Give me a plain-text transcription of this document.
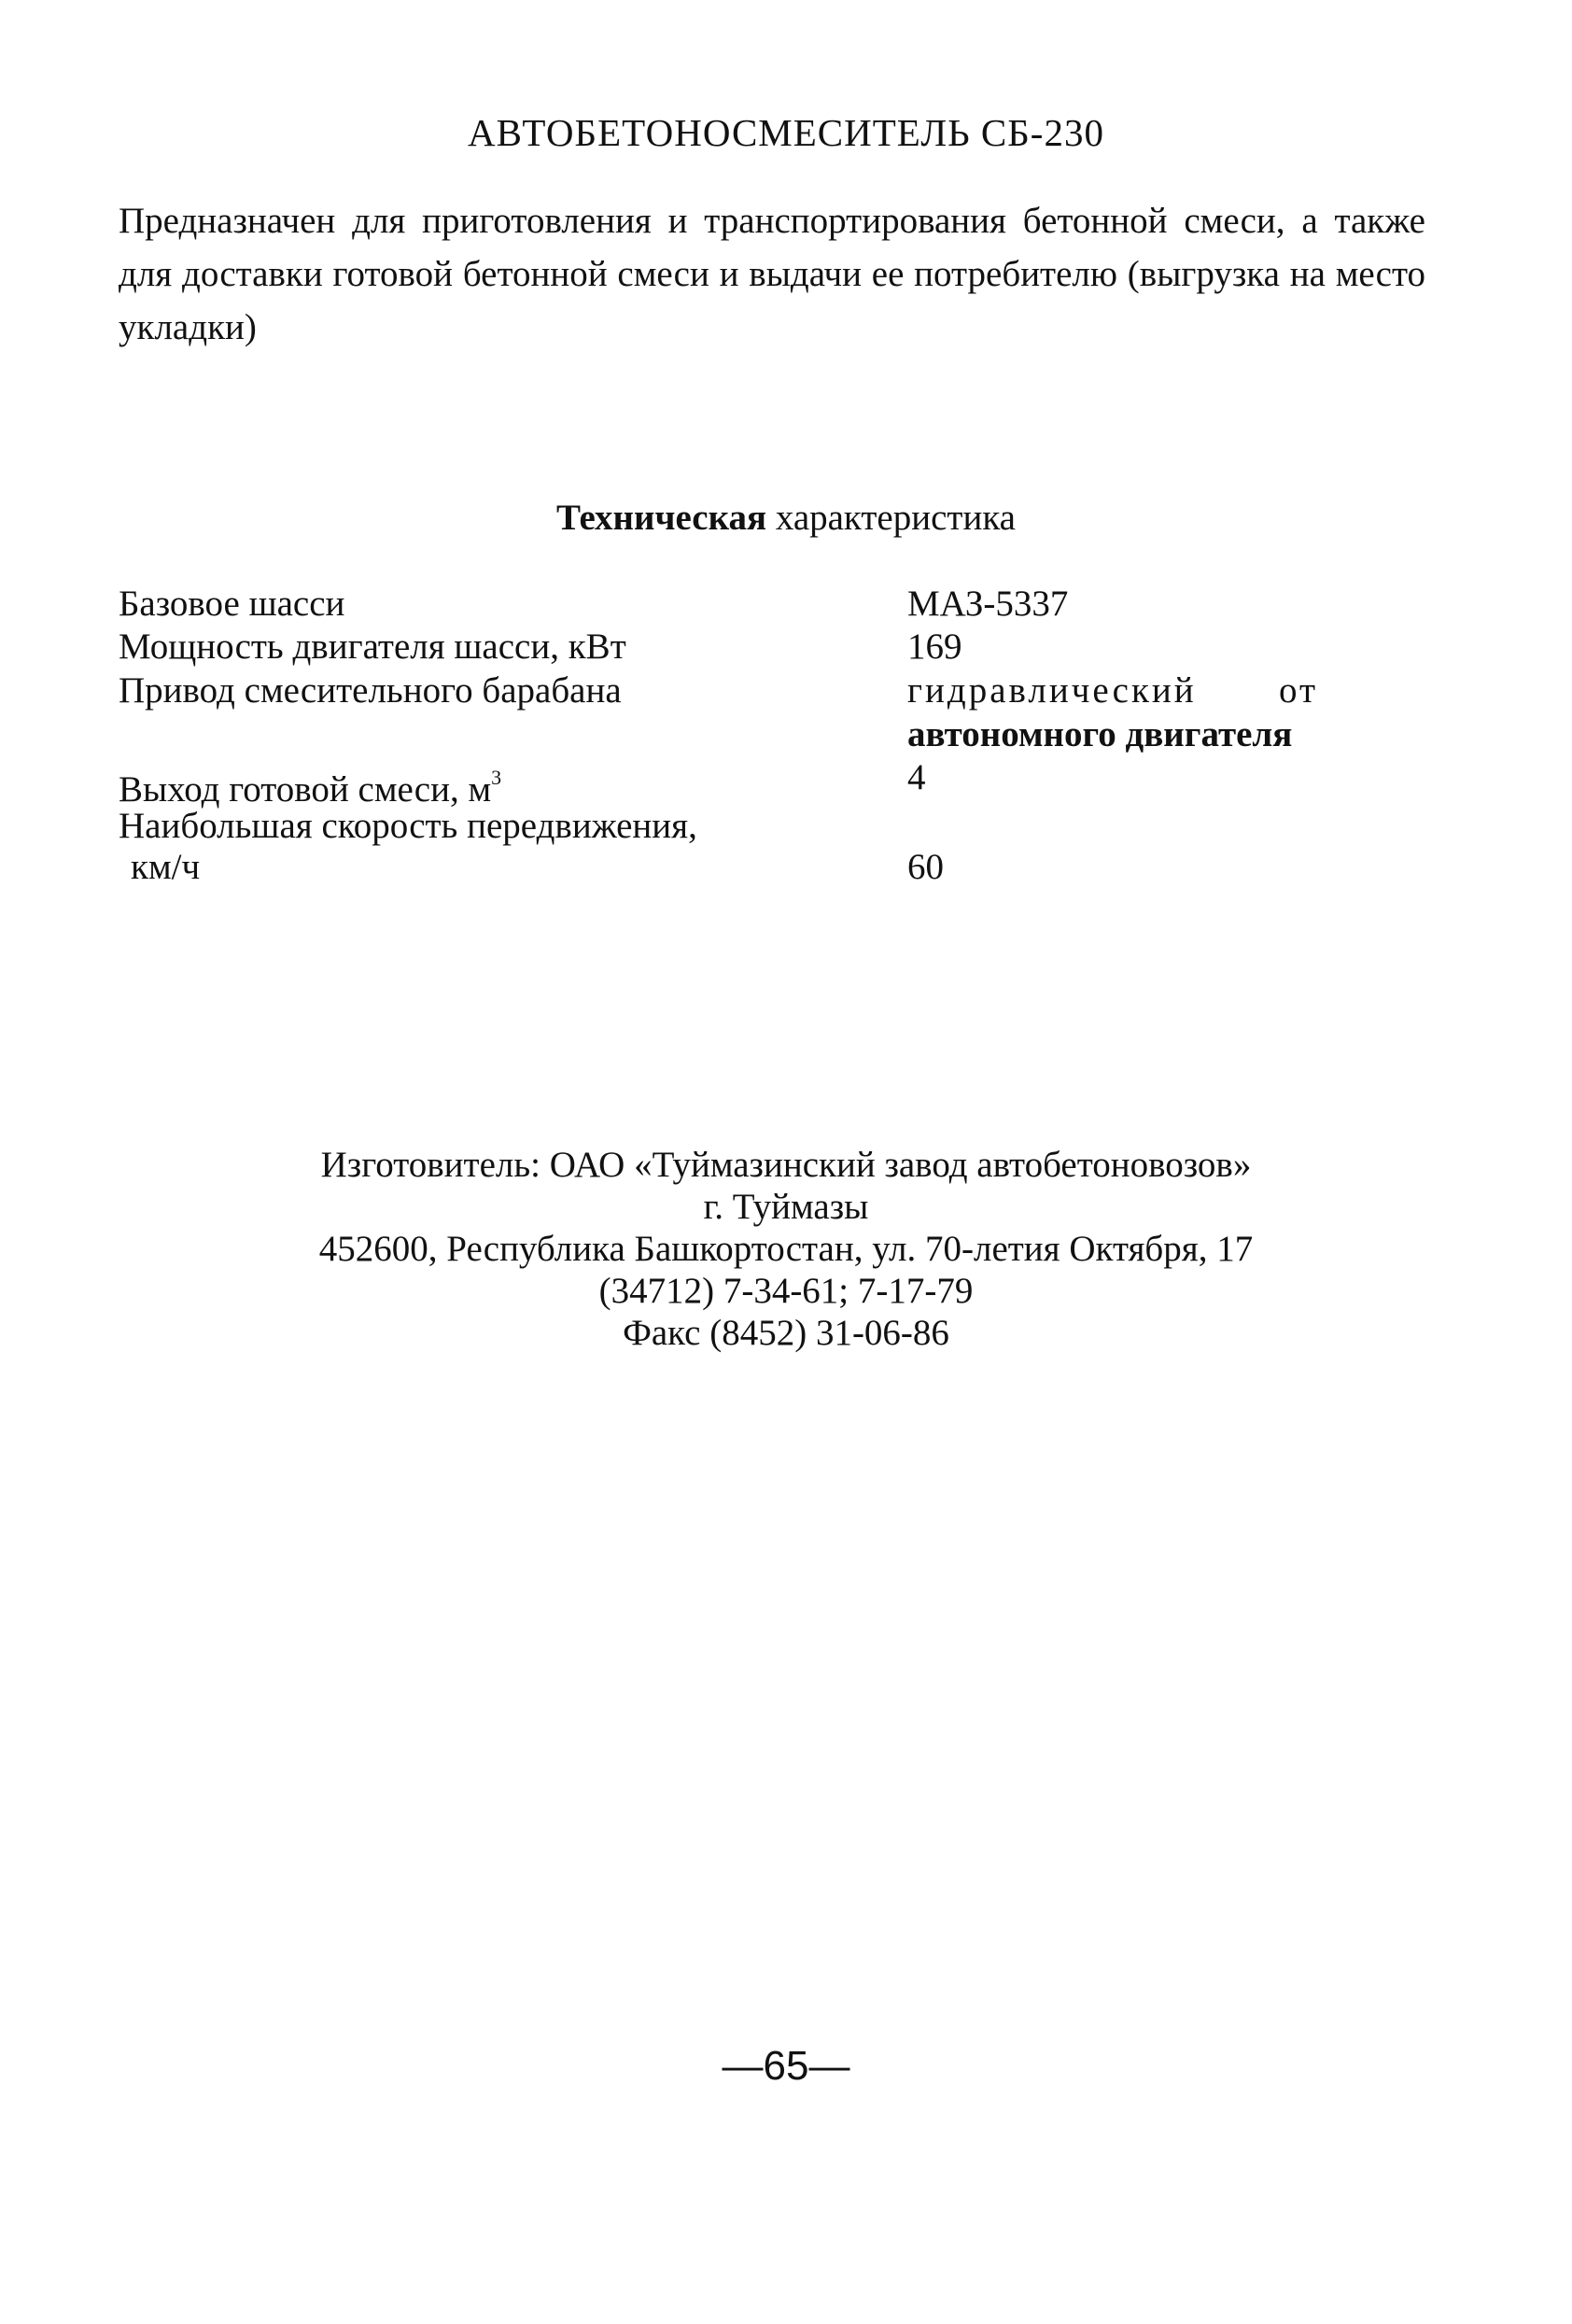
АВТОБЕТОНОСМЕСИТЕЛЬ СБ-230
Предназначен для приготовления и транспортирования бетонной смеси, а также для доставки готовой бетонной смеси и выдачи ее потребителю (выгрузка на место укладки)
Техническая характеристика
Базовое шасси	МАЗ-5337
Мощность двигателя шасси, кВт	169
Привод смесительного барабана	гидравлический от
автономного двигателя
Выход готовой смеси, $м^3$	4
Наибольшая скорость передвижения,
км/ч	60
Изготовитель: ОАО «Туймазинский завод автобетоновозов»
г. Туймазы
452600, Республика Башкортостан, ул. 70-летия Октября, 17
(34712) 7-34-61; 7-17-79
Факс (8452) 31-06-86
—65—
